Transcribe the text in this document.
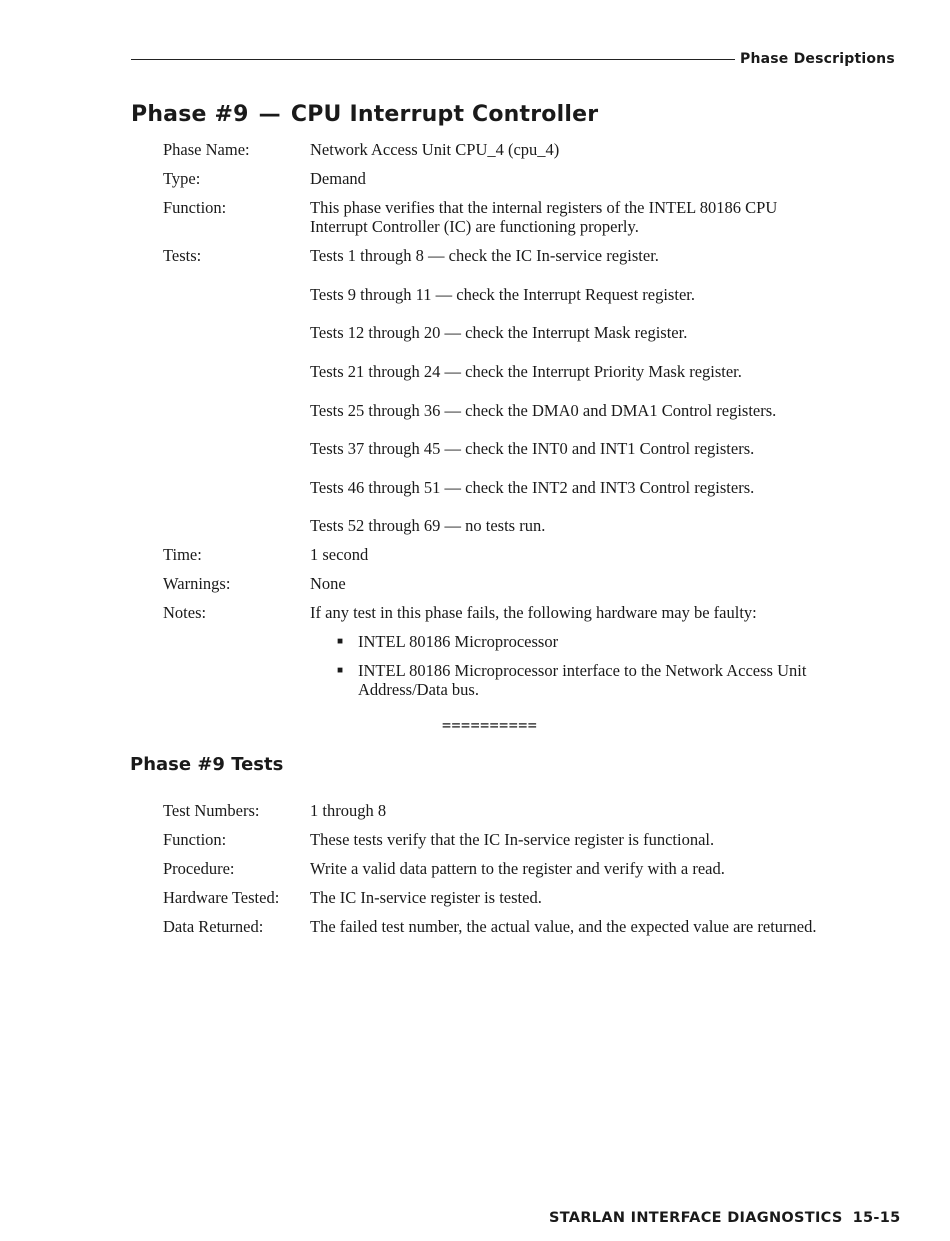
Phase Descriptions
Phase #9 — CPU Interrupt Controller
Phase Name:	Network Access Unit CPU_4 (cpu_4)
Type:	Demand
Function:	This phase verifies that the internal registers of the INTEL 80186 CPU Interrupt Controller (IC) are functioning properly.
Tests:	Tests 1 through 8 — check the IC In-service register.
Tests 9 through 11 — check the Interrupt Request register.
Tests 12 through 20 — check the Interrupt Mask register.
Tests 21 through 24 — check the Interrupt Priority Mask register.
Tests 25 through 36 — check the DMA0 and DMA1 Control registers.
Tests 37 through 45 — check the INT0 and INT1 Control registers.
Tests 46 through 51 — check the INT2 and INT3 Control registers.
Tests 52 through 69 — no tests run.
Time:	1 second
Warnings:	None
Notes:	If any test in this phase fails, the following hardware may be faulty:
■ INTEL 80186 Microprocessor
■ INTEL 80186 Microprocessor interface to the Network Access Unit Address/Data bus.
==========
Phase #9 Tests
Test Numbers:	1 through 8
Function:	These tests verify that the IC In-service register is functional.
Procedure:	Write a valid data pattern to the register and verify with a read.
Hardware Tested: The IC In-service register is tested.
Data Returned:	The failed test number, the actual value, and the expected value are returned.
STARLAN INTERFACE DIAGNOSTICS 15-15
